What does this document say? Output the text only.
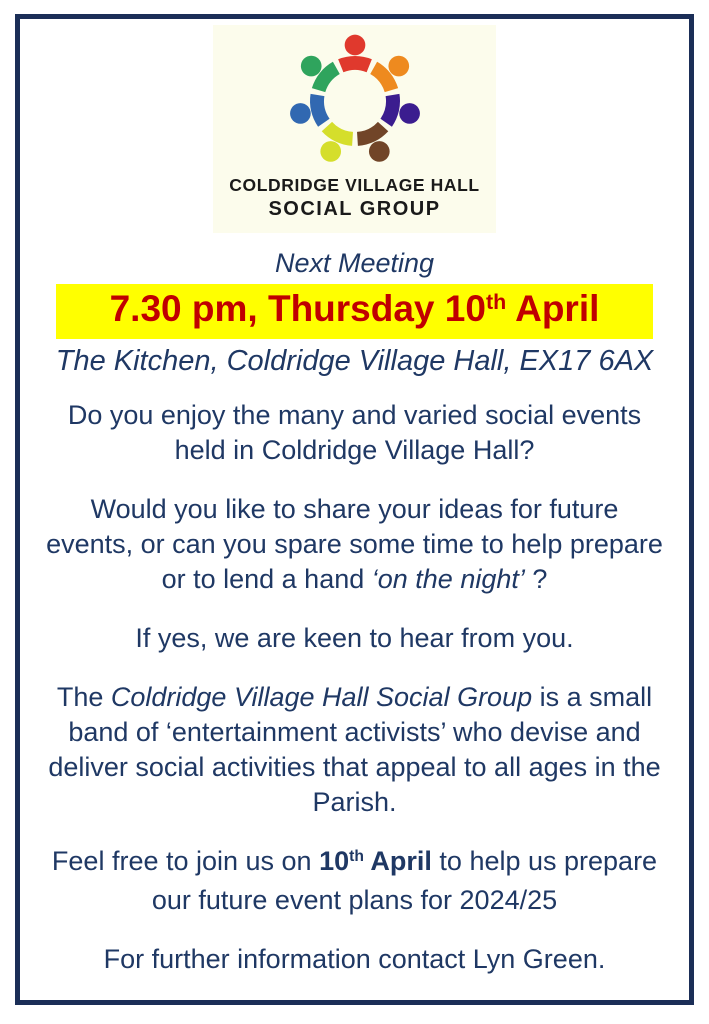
COLDRIDGE VILLAGE HALL
SOCIAL GROUP
Next Meeting
7.30 pm, Thursday 10th April
The Kitchen, Coldridge Village Hall, EX17 6AX

Do you enjoy the many and varied social events held in Coldridge Village Hall?

Would you like to share your ideas for future events, or can you spare some time to help prepare or to lend a hand ‘on the night’ ?

If yes, we are keen to hear from you.

The Coldridge Village Hall Social Group is a small band of ‘entertainment activists’ who devise and deliver social activities that appeal to all ages in the Parish.

Feel free to join us on 10th April to help us prepare our future event plans for 2024/25

For further information contact Lyn Green.
